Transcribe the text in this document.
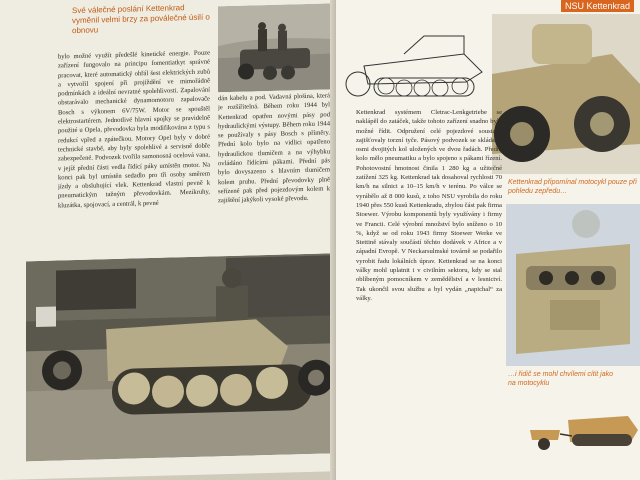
Své válečné poslání Kettenkrad vyměnil velmi brzy za poválečné úsilí o obnovu
bylo možné využít předešlé kinetické energie. Pouze zařízení fungovalo na principu fomentiatkyt správné pracovat, které automatický ohřál šest elektrických zubů a vytvořil spojení při projíždění ve mimořádně podmínkách a ideální nevratné spolehlivosti. Zapalování obstarávalo mechanické dynamomotoru zapalovače Bosch s výkonem 6V/75W. Motor se spouštěl elektrostartérem. Jednotlivé hlavní spojky se pravidelně použité u Opela, převodovka byla modifikována z typu s redukcí vpřed a zpátečkou. Motory Opel byly v dobré technické stavbě, aby byly spolehlivé a servisně dobře zabezpečené. Podvozek tvořila samonosná ocelová vana, v jejíž přední části vedla řídící páky umístěn motor. Na konci pak byl umístěn sedadlo pro tři osoby směrem jízdy a obsluhující vlek. Kettenkrad vlastní pevně k pneumatickým tažným převodovkám. Mezikruhy, kluzátka, spojovací, a centrál, k pevné
dán kabelu a pod. Vadavná plošina, která je rozšiřitelná. Během roku 1944 byl Kettenkrad opatřen novými pásy pod hydraulickými výstupy. Během roku 1944 se používaly s pásy Bosch s příměry. Přední kolo bylo na vidlici opatřeno hydraulickou tlumičem a na výhybku ovládáno řídícími pákami. Přední pás bylo dovysazeno s hlavním tlumičem kolem pruhu. Přední převodovky plně seřízené pak před pojezdovým kolem k zajištění jakýkoli vysoké převodu.
NSU Kettenkrad
Kettenkrad připomínal motocykl pouze při pohledu zepředu…
…i řidič se mohl chvílemi cítit jako na motocyklu
Kettenkrad systémem Cletrac-Lenkgetriebe se naklápěl do zatáček, takže tohoto zařízení snadno bylo možné řídit. Odpružení celé pojezdové soustavy zajišťovaly torzní tyče. Pásový podvozek se skládal z osmi dvojitých kol uložených ve dvou řadách. Přední kolo mělo pneumatiku a bylo spojeno s pákami řízení. Pohotovostní hmotnost činila 1 280 kg a užitečné zatížení 325 kg. Kettenkrad tak dosahoval rychlosti 70 km/h na silnici a 10–15 km/h v terénu. Po válce se vyrábělo až 8 000 kusů, z toho NSU vyrobila do roku 1940 přes 550 kusů Kettenkradu, zbylou část pak firma Stoewer. Výrobu komponentů byly využívány i firmy ve Francii. Celé výrobní množství bylo sníženo o 10 %, když se od roku 1943 firmy Stoewer Werke ve Stettině stávaly součástí těchto dodávek v Africe a v západní Evropě. V Neckarsulmské továrně se podařilo vyrobit řadu lokálních úprav. Kettenkrad se na konci války mohl uplatnit i v civilním sektoru, kdy se stal oblíbeným pomocníkem v zemědělství a v lesnictví. Tak ukončil svou službu a byl vydán „napichal“ za války.
